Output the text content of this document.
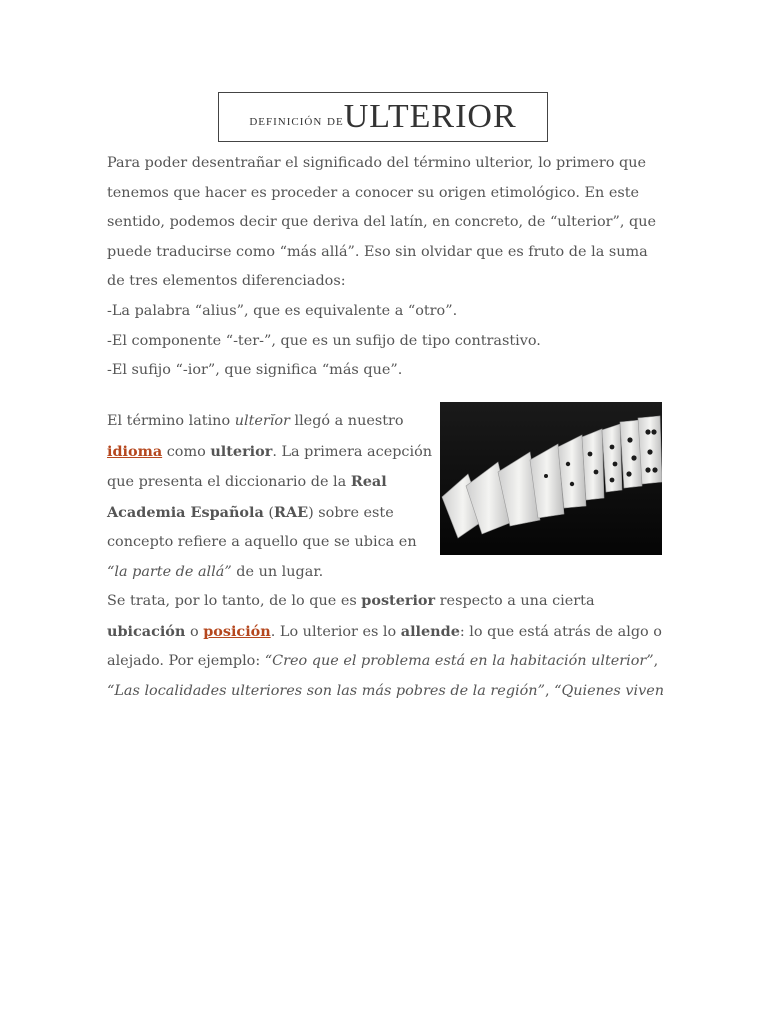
definición de ULTERIOR

Para poder desentrañar el significado del término ulterior, lo primero que tenemos que hacer es proceder a conocer su origen etimológico. En este sentido, podemos decir que deriva del latín, en concreto, de “ulterior”, que puede traducirse como “más allá”. Eso sin olvidar que es fruto de la suma de tres elementos diferenciados:
-La palabra “alius”, que es equivalente a “otro”.
-El componente “-ter-”, que es un sufijo de tipo contrastivo.
-El sufijo “-ior”, que significa “más que”.

El término latino ulterĭor llegó a nuestro idioma como ulterior. La primera acepción que presenta el diccionario de la Real Academia Española (RAE) sobre este concepto refiere a aquello que se ubica en “la parte de allá” de un lugar.

Se trata, por lo tanto, de lo que es posterior respecto a una cierta ubicación o posición. Lo ulterior es lo allende: lo que está atrás de algo o alejado. Por ejemplo: “Creo que el problema está en la habitación ulterior”, “Las localidades ulteriores son las más pobres de la región”, “Quienes viven
